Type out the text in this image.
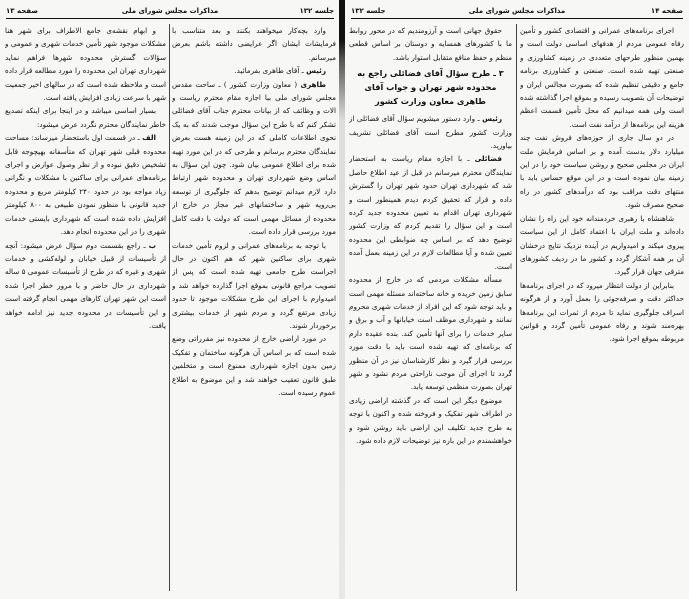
جلسه ۱۳۲
مذاکرات مجلس شورای ملی
صفحه ۱۳

وارد بچه‌کار میخواهند بکنند و بعد متناسب با فرمایشات ایشان اگر عرایضی داشته باشم بعرض میرسانم.

رئیس ـ آقای طاهری بفرمائید.

طاهری ( معاون وزارت کشور ) ـ ساحت مقدس مجلس شورای ملی ببا اجازه مقام محترم ریاست و الات و وظائف که از بیانات محترم جناب آقای فضائلی تشکر کنم که با طرح این سؤال موجب شدند که به یک نحوی اطلاعات کاملی که در این زمینه هست بعرض نمایندگان محترم برسانم و طرحی که در این مورد تهیه شده برای اطلاع عمومی بیان شود. چون این سؤال به اساس وضع شهرداری تهران و محدوده شهر ارتباط دارد لازم میدانم توضیح بدهم که جلوگیری از توسعه بی‌رویه شهر و ساختمانهای غیر مجاز در خارج از محدوده از مسائل مهمی است که دولت با دقت کامل مورد بررسی قرار داده است.

با توجه به برنامه‌های عمرانی و لزوم تأمین خدمات شهری برای ساکنین شهر که هم اکنون در حال اجراست طرح جامعی تهیه شده است که پس از تصویب مراجع قانونی بموقع اجرا گذارده خواهد شد و امیدوارم با اجرای این طرح مشکلات موجود تا حدود زیادی مرتفع گردد و مردم شهر از خدمات بیشتری برخوردار شوند.

در مورد اراضی خارج از محدوده نیز مقرراتی وضع شده است که بر اساس آن هرگونه ساختمان و تفکیک زمین بدون اجازه شهرداری ممنوع است و متخلفین طبق قانون تعقیب خواهند شد و این موضوع به اطلاع عموم رسیده است.

و ابهام نقشه‌ی جامع الاطراف برای شهر هنا مشکلات موجود شهر تأمین خدمات شهری و عمومی و سؤالات گسترش محدوده شهرها فراهم نماید شهرداری تهران این محدوده را مورد مطالعه قرار داده است و ملاحظه شده است که در سالهای اخیر جمعیت شهر با سرعت زیادی افزایش یافته است.

بسیار اساسی میباشد و در اینجا برای اینکه تصدیع خاطر نمایندگان محترم نگردد عرض میشود:

الف ـ در قسمت اول باستحضار میرساند: مساحت محدوده قبلی شهر تهران که متأسفانه بهیچوجه قابل تشخیص دقیق نبوده و از نظر وصول عوارض و اجرای برنامه‌های عمرانی برای ساکنین با مشکلات و نگرانی زیاد مواجه بود در حدود ۲۴۰ کیلومتر مربع و محدوده جدید قانونی با منظور نمودن طبیعی به ۸۰۰ کیلومتر افزایش داده شده است که شهرداری بایستی خدمات شهری را در این محدوده انجام دهد.

ب ـ راجع بقسمت دوم سؤال عرض میشود: آنچه از تأسیسات از قبیل خیابان و لوله‌کشی و خدمات شهری و غیره که در طرح از تأسیسات عمومی ۵ ساله شهرداری در حال حاضر و با مرور خطر اجرا شده است این شهر تهران کارهای مهمی انجام گرفته است و این تأسیسات در محدوده جدید نیز ادامه خواهد یافت.

صفحه ۱۴
مذاکرات مجلس شورای ملی
جلسه ۱۳۲

اجرای برنامه‌های عمرانی و اقتصادی کشور و تأمین رفاه عمومی مردم از هدفهای اساسی دولت است و بهمین منظور طرحهای متعددی در زمینه کشاورزی و صنعتی تهیه شده است. صنعتی و کشاورزی برنامه جامع و دقیقی تنظیم شده که بصورت مجالس ایران و توضیحات آن بتصویب رسیده و بموقع اجرا گذاشته شده است ولی همه میدانیم که محل تأمین قسمت اعظم هزینه این برنامه‌ها از درآمد نفت است.

در دو سال جاری از حوزه‌های فروش نفت چند میلیارد دلار بدست آمده و بر اساس فرمایش ملت ایران در مجلس صحیح و روشن سیاست خود را در این زمینه بیان نموده است و در این موقع حساس باید با منتهای دقت مراقب بود که درآمدهای کشور در راه صحیح مصرف شود.

شاهنشاه با رهبری خردمندانه خود این راه را نشان داده‌اند و ملت ایران با اعتماد کامل از این سیاست پیروی میکند و امیدواریم در آینده نزدیک نتایج درخشان آن بر همه آشکار گردد و کشور ما در ردیف کشورهای مترقی جهان قرار گیرد.

بنابراین از دولت انتظار میرود که در اجرای برنامه‌ها حداکثر دقت و صرفه‌جوئی را بعمل آورد و از هرگونه اسراف جلوگیری نماید تا مردم از ثمرات این برنامه‌ها بهره‌مند شوند و رفاه عمومی تأمین گردد و قوانین مربوطه بموقع اجرا شود.

حقوق جهانی است و آرزومندیم که در محور روابط ما با کشورهای همسایه و دوستان بر اساس قطعی منظم و حفظ منافع متقابل استوار باشد.

۳ ـ طرح سؤال آقای فضائلی راجع به محدوده شهر تهران و جواب آقای طاهری معاون وزارت کشور

رئیس ـ وارد دستور میشویم سؤال آقای فضائلی از وزارت کشور مطرح است آقای فضائلی تشریف بیاورید.

فضائلی ـ با اجازه مقام ریاست به استحضار نمایندگان محترم میرسانم در قبل از عید اطلاع حاصل شد که شهرداری تهران حدود شهر تهران را گسترش داده و قرار که تحقیق کردم دیدم همینطور است و شهرداری تهران اقدام به تعیین محدوده جدید کرده است و این سؤال را تقدیم کردم که وزارت کشور توضیح دهد که بر اساس چه ضوابطی این محدوده تعیین شده و آیا مطالعات لازم در این زمینه بعمل آمده است.

مسأله مشکلات مردمی که در خارج از محدوده سابق زمین خریده و خانه ساخته‌اند مسئله مهمی است و باید توجه شود که این افراد از خدمات شهری محروم نمانند و شهرداری موظف است خیابانها و آب و برق و سایر خدمات را برای آنها تأمین کند. بنده عقیده دارم که برنامه‌ای که تهیه شده است باید با دقت مورد بررسی قرار گیرد و نظر کارشناسان نیز در آن منظور گردد تا اجرای آن موجب ناراحتی مردم نشود و شهر تهران بصورت منظمی توسعه یابد.

موضوع دیگر این است که در گذشته اراضی زیادی در اطراف شهر تفکیک و فروخته شده و اکنون با توجه به طرح جدید تکلیف این اراضی باید روشن شود و خواهشمندم در این باره نیز توضیحات لازم داده شود.
